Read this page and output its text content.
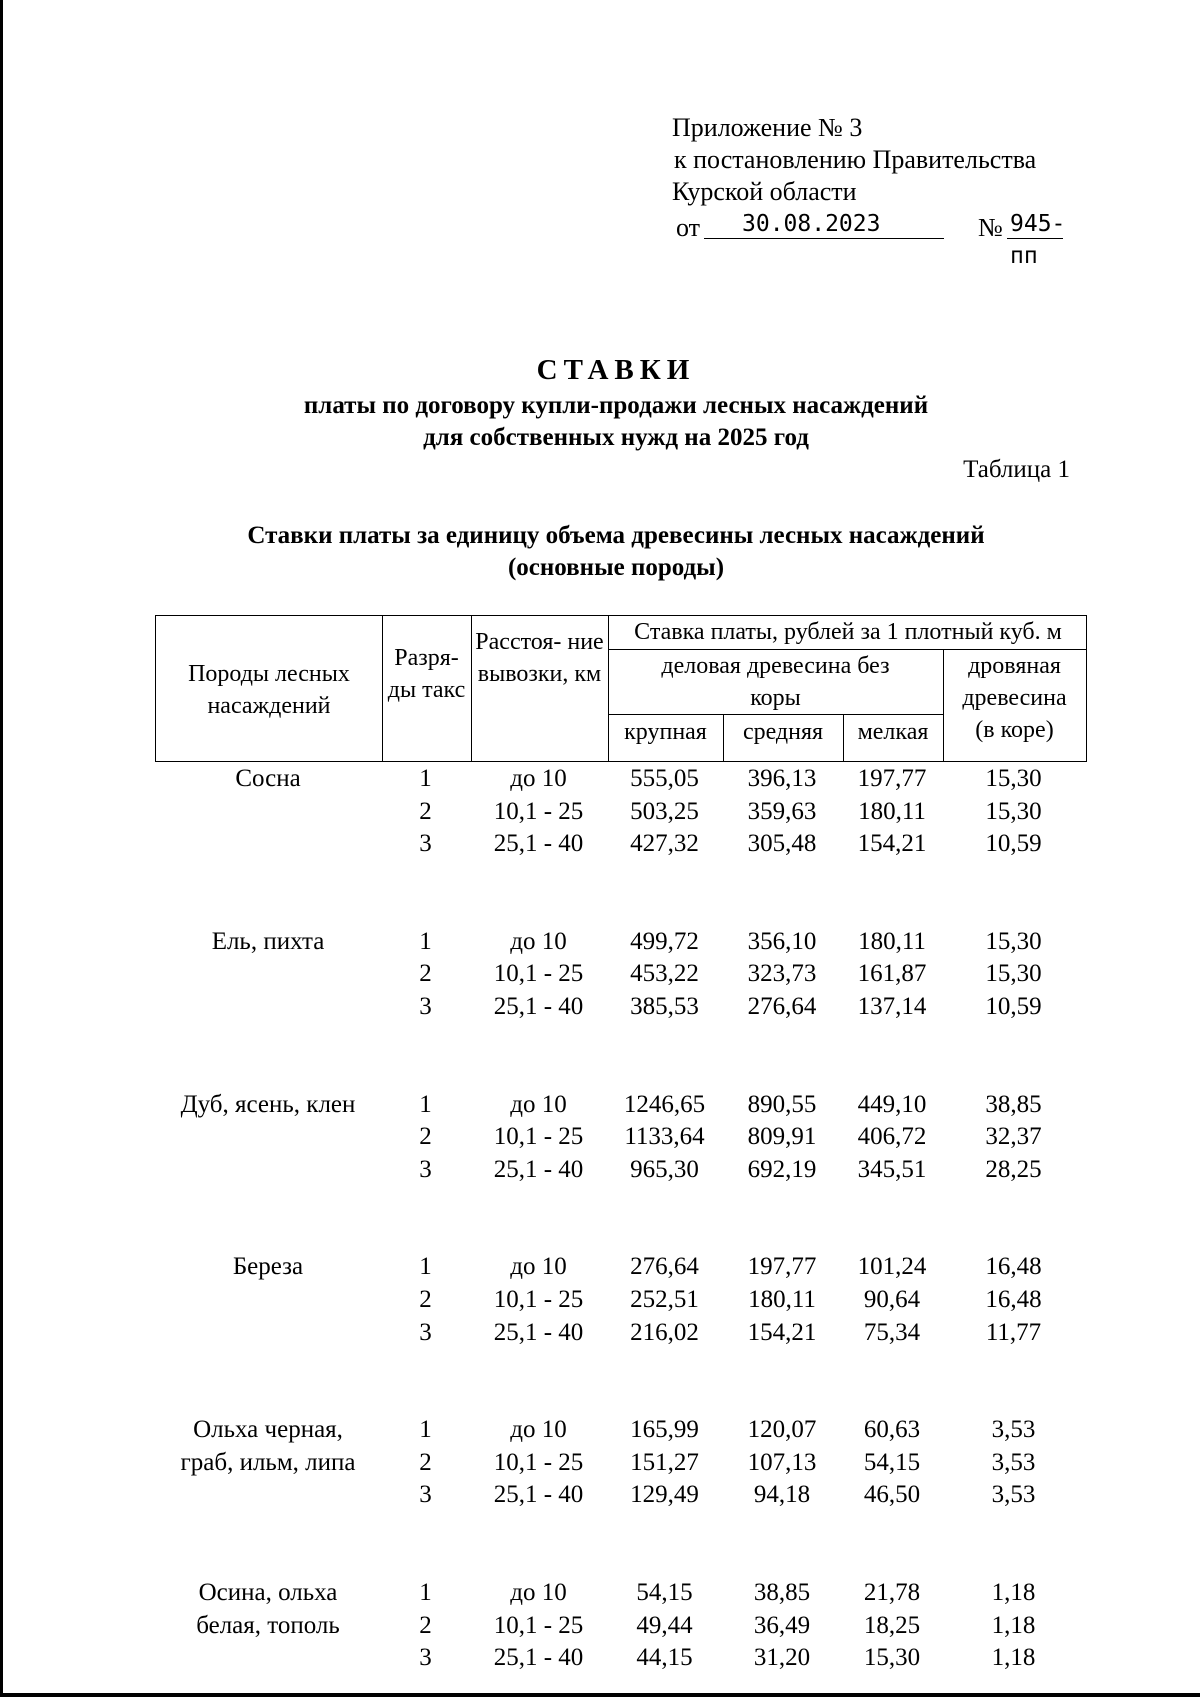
Приложение № 3
к постановлению Правительства
Курской области
от 30.08.2023	№ 945-пп
СТАВКИ
платы по договору купли-продажи лесных насаждений
для собственных нужд на 2025 год
Таблица 1
Ставки платы за единицу объема древесины лесных насаждений
(основные породы)
Породы лесных насаждений
Разря- ды такс
Расстоя- ние вывозки, км
Ставка платы, рублей за 1 плотный куб. м
деловая древесина без коры
крупная	средняя	мелкая
дровяная древесина (в коре)
Сосна	1	до 10	555,05	396,13	197,77	15,30
2	10,1 - 25	503,25	359,63	180,11	15,30
3	25,1 - 40	427,32	305,48	154,21	10,59
Ель, пихта	1	до 10	499,72	356,10	180,11	15,30
2	10,1 - 25	453,22	323,73	161,87	15,30
3	25,1 - 40	385,53	276,64	137,14	10,59
Дуб, ясень, клен	1	до 10	1246,65	890,55	449,10	38,85
2	10,1 - 25	1133,64	809,91	406,72	32,37
3	25,1 - 40	965,30	692,19	345,51	28,25
Береза	1	до 10	276,64	197,77	101,24	16,48
2	10,1 - 25	252,51	180,11	90,64	16,48
3	25,1 - 40	216,02	154,21	75,34	11,77
Ольха черная,	1	до 10	165,99	120,07	60,63	3,53
граб, ильм, липа	2	10,1 - 25	151,27	107,13	54,15	3,53
3	25,1 - 40	129,49	94,18	46,50	3,53
Осина, ольха	1	до 10	54,15	38,85	21,78	1,18
белая, тополь	2	10,1 - 25	49,44	36,49	18,25	1,18
3	25,1 - 40	44,15	31,20	15,30	1,18
